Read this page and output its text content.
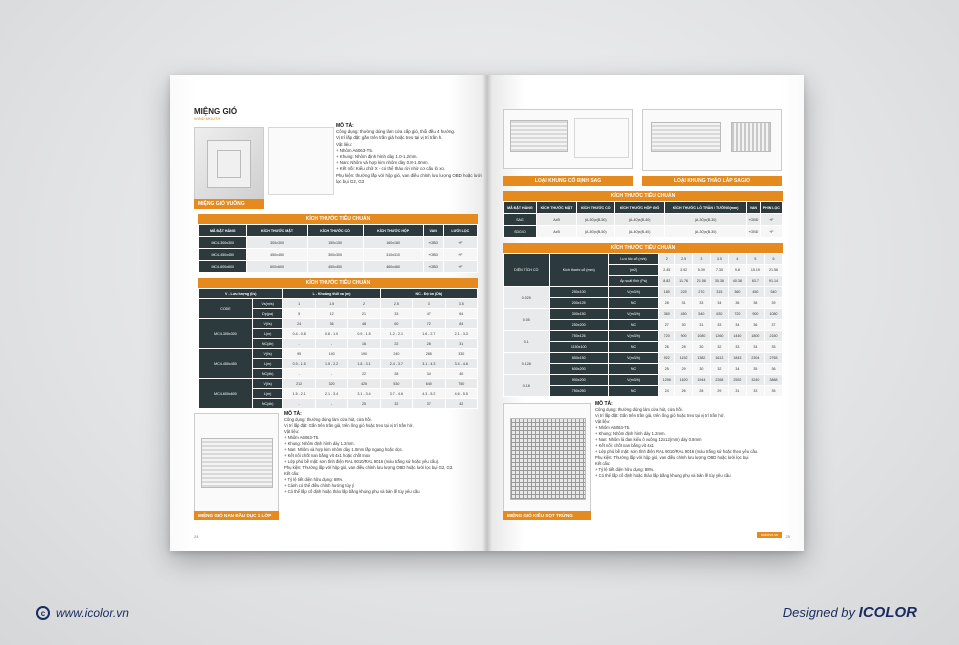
MIỆNG GIÓ
WIND MOUTH
MIỆNG GIÓ VUÔNG
MÔ TẢ:
Công dụng: thường dùng làm cửa cấp gió, thổi đều 4 hướng.
Vị trí lắp đặt: gắn trên trần giả hoặc treo tại vị trí trần h.
Vật liệu:
+ Nhôm A6063-T5.
+ Khung: Nhôm định hình dày 1.0-1.2mm.
+ Nan: Nhôm và hợp kim nhôm dày 0.8-1.0mm.
+ Kết nối: Kiểu chữ X - có thể tháo rời nhờ cơ cấu lò xo.
Phụ kiện: thường lắp với hộp gió, van điều chỉnh lưu lượng OBD hoặc lưới lọc bụi G2, G3
KÍCH THƯỚC TIÊU CHUẨN
MÃ ĐẶT HÀNG	KÍCH THƯỚC MẶT	KÍCH THƯỚC CỔ	KÍCH THƯỚC HỘP	VAN	LƯỚI LỌC
MC4-300x300	300x300	150x150	160x160	+OBD	+F
MC4-450x450	450x450	300x300	310x310	+OBD	+F
MC4-600x600	600x600	450x450	460x460	+OBD	+F
KÍCH THƯỚC TIÊU CHUẨN
V - Lưu lượng (l/s)		L - Khoảng thổi xa (m)			NC - Độ ồn (Db)		
CODE	Vs(m/s)	1	1.5	2	2.5	3	3.5
	Dp(pa)	5	12	21	33	47	64
MC4-300x300	V(l/s)	24	36	48	60	72	84
	L(m)	0.4 - 0.8	0.8 - 1.0	0.9 - 1.5	1.2 - 2.1	1.6 - 2.7	2.1 - 3.3
	NC(db)	-	-	16	22	28	31
MC4-450x450	V(l/s)	95	140	190	240	285	330
	L(m)	0.9 - 1.5	1.5 - 2.2	1.8 - 3.1	2.4 - 3.7	3.1 - 4.3	3.4 - 4.6
	NC(db)	-	-	22	28	34	40
MC4-600x600	V(l/s)	212	320	425	530	640	750
	L(m)	1.5 - 2.1	2.1 - 3.4	3.1 - 3.4	3.7 - 4.6	4.3 - 5.2	4.6 - 5.5
	NC(db)	-	-	25	32	37	42
MIỆNG GIÓ NAN BẦU DỤC 1 LỚP
MÔ TẢ:
Công dụng: thường dùng làm cửa hút, cửa hồi.
Vị trí lắp đặt: Gắn trên trần giả, trên ống gió hoặc treo tại vị trí trần hở.
Vật liệu:
+ Nhôm A6063-T5.
+ Khung: Nhôm định hình dày 1.2mm.
+ Nan: Nhôm và hợp kim nhôm dày 1.0mm lắp ngang hoặc dọc.
+ Kết nối chốt nan bằng vít 4x1 hoặc chốt Inox
+ Lớp phủ bề mặt: sơn tĩnh điện RAL 9010/RAL 9016 (màu trắng sứ hoặc yêu cầu).
Phụ kiện: Thường lắp với hộp gió, van điều chỉnh lưu lượng OBD hoặc lưới lọc bụi G2, G3.
Kết cấu:
+ Tỷ lệ tiết diện hữu dụng: 68%.
+ Cánh có thể điều chỉnh hướng tùy ý
+ Có thể lắp cố định hoặc tháo lắp bằng khung phụ và bản lề tùy yêu cầu
24
LOẠI KHUNG CỐ ĐỊNH SAG	LOẠI KHUNG THÁO LẮP SAG/O
KÍCH THƯỚC TIÊU CHUẨN
MÃ ĐẶT HÀNG	KÍCH THƯỚC MẶT	KÍCH THƯỚC CỔ	KÍCH THƯỚC HỘP GIÓ	KÍCH THƯỚC LỖ TRẦN / TƯỜNG(mm)	VAN	PHIN LỌC
SAG	AxB	(A-50)x(B-50)	(A-40)x(B-40)	(A-30)x(B-30)	+OBD	+F
SDG/O	AxB	(A-50)x(B-50)	(A-40)x(B-40)	(A-30)x(B-30)	+OBD	+F
KÍCH THƯỚC TIÊU CHUẨN
DIỆN TÍCH CỔ	Kích thước cổ (mm)	Lưu tốc cổ (m/s)	2	2.5	3	3.5	4	5	6
		(m2)	2.45	3.92	5.39	7.35	9.8	15.19	21.56
		Áp suất tĩnh (Pa)	8.82	11.76	21.56	30.38	40.38	63.7	91.14

0.025	250x100	V(m3/h)	180	225	270	315	360	450	540
	200x125	NC	28	31	33	34	36	38	39
0.05	300x150	V(m3/h)	360	450	540	630	720	900	1080
	250x200	NC	27	30	31	33	34	36	37
0.1	750x125	V(m3/h)	720	900	1080	1260	1440	1800	2160
	1150x100	NC	26	28	30	32	33	34	35
0.128	850x150	V(m3/h)	922	1152	1382	1613	1843	2304	2765
	600x200	NC	25	29	30	32	34	35	36
0.18	900x200	V(m3/h)	1296	1620	1944	2268	2592	3240	3888
	750x250	NC	24	26	28	29	31	33	35
MIỆNG GIÓ KIỂU SỌT TRỨNG
MÔ TẢ:
Công dụng: thường dùng làm cửa hút, cửa hồi.
Vị trí lắp đặt: Gắn trên trần giả, trên ống gió hoặc treo tại vị trí trần hở.
Vật liệu:
+ Nhôm A6063-T5.
+ Khung: Nhôm định hình dày 1.2mm.
+ Nan: Nhôm lá đan kiểu ô vuông 12x12(mm) dày 0.8mm
+ Kết nối: chốt nan bằng vít 4x1
+ Lớp phủ bề mặt: sơn tĩnh điện RAL 9010/RAL 9016 (màu trắng sứ hoặc theo yêu cầu.
Phụ kiện: Thường lắp với hộp gió, van điều chỉnh lưu lượng OBD hoặc lưới lọc bụi
Kết cấu:
+ Tỷ lệ tiết diện hữu dụng: 88%.
+ Có thể lắp cố định hoặc tháo lắp bằng khung phụ và bản lề tùy yêu cầu
icolorvn.vn	25
c www.icolor.vn	Designed by ICOLOR
